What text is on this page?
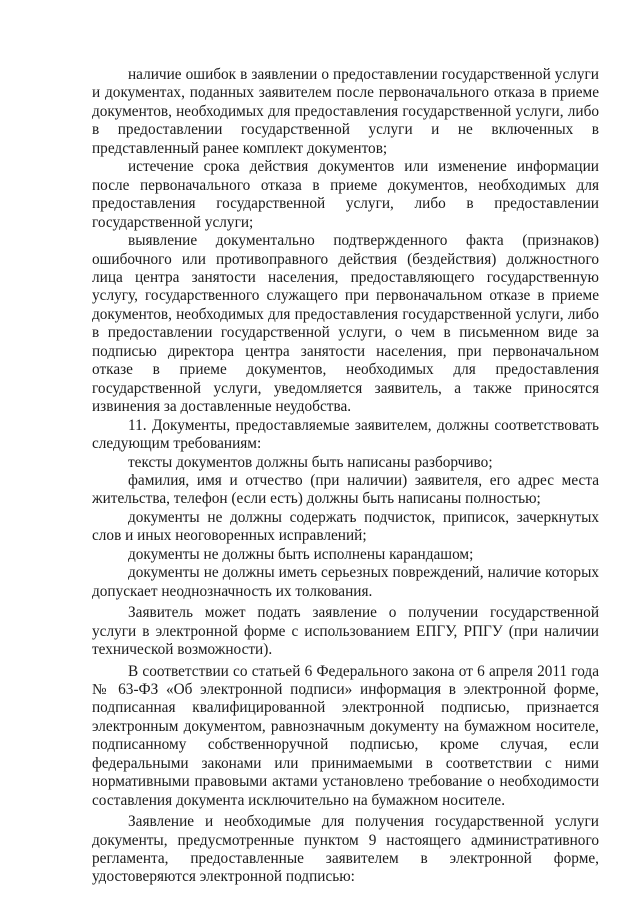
наличие ошибок в заявлении о предоставлении государственной услуги и документах, поданных заявителем после первоначального отказа в приеме документов, необходимых для предоставления государственной услуги, либо в предоставлении государственной услуги и не включенных в представленный ранее комплект документов;

истечение срока действия документов или изменение информации после первоначального отказа в приеме документов, необходимых для предоставления государственной услуги, либо в предоставлении государственной услуги;

выявление документально подтвержденного факта (признаков) ошибочного или противоправного действия (бездействия) должностного лица центра занятости населения, предоставляющего государственную услугу, государственного служащего при первоначальном отказе в приеме документов, необходимых для предоставления государственной услуги, либо в предоставлении государственной услуги, о чем в письменном виде за подписью директора центра занятости населения, при первоначальном отказе в приеме документов, необходимых для предоставления государственной услуги, уведомляется заявитель, а также приносятся извинения за доставленные неудобства.

11. Документы, предоставляемые заявителем, должны соответствовать следующим требованиям:

тексты документов должны быть написаны разборчиво;

фамилия, имя и отчество (при наличии) заявителя, его адрес места жительства, телефон (если есть) должны быть написаны полностью;

документы не должны содержать подчисток, приписок, зачеркнутых слов и иных неоговоренных исправлений;

документы не должны быть исполнены карандашом;

документы не должны иметь серьезных повреждений, наличие которых допускает неоднозначность их толкования.

Заявитель может подать заявление о получении государственной услуги в электронной форме с использованием ЕПГУ, РПГУ (при наличии технической возможности).

В соответствии со статьей 6 Федерального закона от 6 апреля 2011 года № 63-ФЗ «Об электронной подписи» информация в электронной форме, подписанная квалифицированной электронной подписью, признается электронным документом, равнозначным документу на бумажном носителе, подписанному собственноручной подписью, кроме случая, если федеральными законами или принимаемыми в соответствии с ними нормативными правовыми актами установлено требование о необходимости составления документа исключительно на бумажном носителе.

Заявление и необходимые для получения государственной услуги документы, предусмотренные пунктом 9 настоящего административного регламента, предоставленные заявителем в электронной форме, удостоверяются электронной подписью:
